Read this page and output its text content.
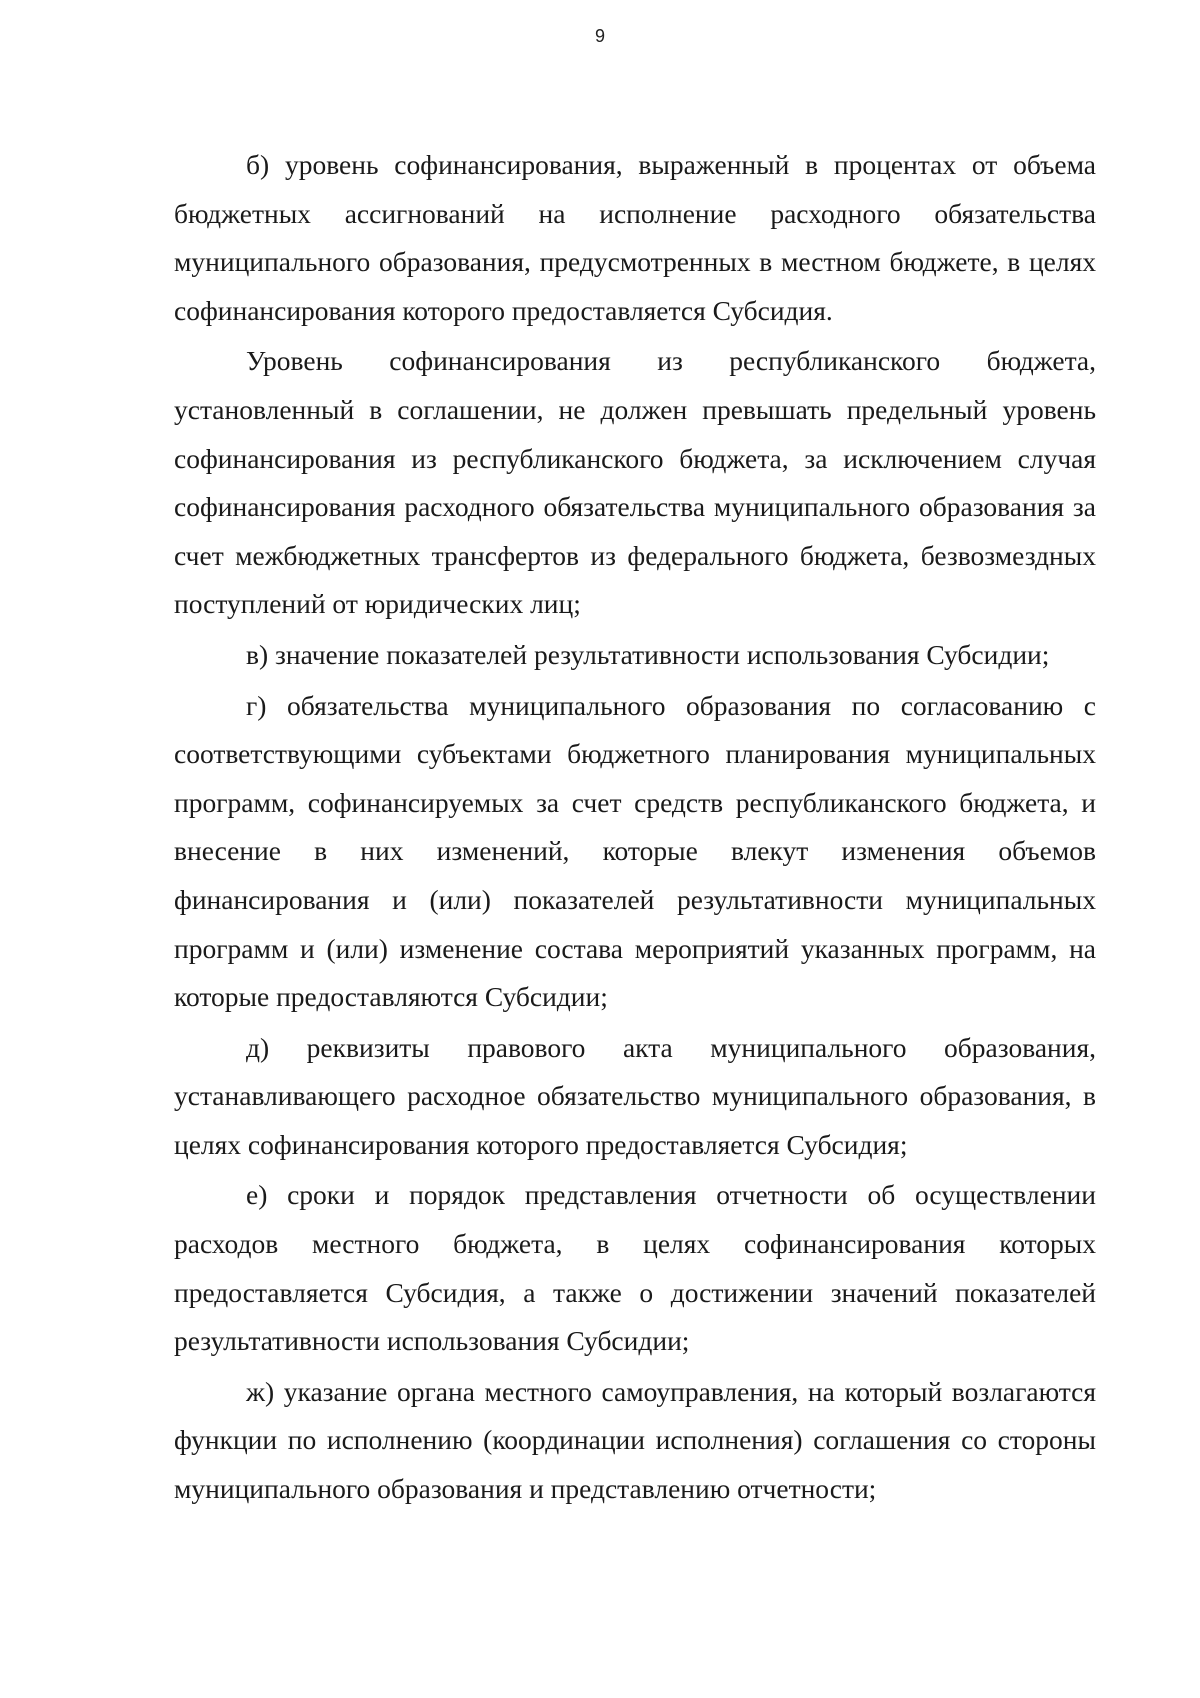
9

б) уровень софинансирования, выраженный в процентах от объема бюджетных ассигнований на исполнение расходного обязательства муниципального образования, предусмотренных в местном бюджете, в целях софинансирования которого предоставляется Субсидия.

Уровень софинансирования из республиканского бюджета, установленный в соглашении, не должен превышать предельный уровень софинансирования из республиканского бюджета, за исключением случая софинансирования расходного обязательства муниципального образования за счет межбюджетных трансфертов из федерального бюджета, безвозмездных поступлений от юридических лиц;

в) значение показателей результативности использования Субсидии;

г) обязательства муниципального образования по согласованию с соответствующими субъектами бюджетного планирования муниципальных программ, софинансируемых за счет средств республиканского бюджета, и внесение в них изменений, которые влекут изменения объемов финансирования и (или) показателей результативности муниципальных программ и (или) изменение состава мероприятий указанных программ, на которые предоставляются Субсидии;

д) реквизиты правового акта муниципального образования, устанавливающего расходное обязательство муниципального образования, в целях софинансирования которого предоставляется Субсидия;

е) сроки и порядок представления отчетности об осуществлении расходов местного бюджета, в целях софинансирования которых предоставляется Субсидия, а также о достижении значений показателей результативности использования Субсидии;

ж) указание органа местного самоуправления, на который возлагаются функции по исполнению (координации исполнения) соглашения со стороны муниципального образования и представлению отчетности;
